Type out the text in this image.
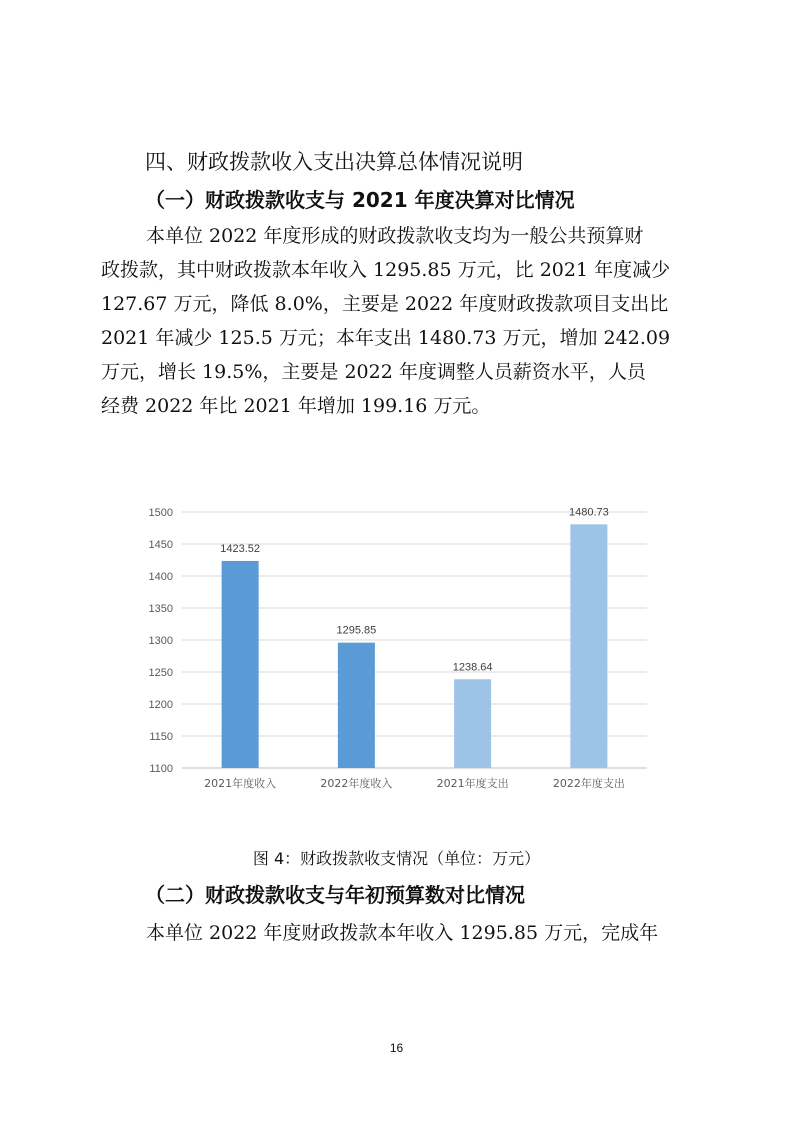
四、财政拨款收入支出决算总体情况说明
（一）财政拨款收支与 2021 年度决算对比情况
本单位 2022 年度形成的财政拨款收支均为一般公共预算财
政拨款，其中财政拨款本年收入 1295.85 万元，比 2021 年度减少
127.67 万元，降低 8.0%，主要是 2022 年度财政拨款项目支出比
2021 年减少 125.5 万元；本年支出 1480.73 万元，增加 242.09
万元，增长 19.5%，主要是 2022 年度调整人员薪资水平，人员
经费 2022 年比 2021 年增加 199.16 万元。
1100
1150
1200
1250
1300
1350
1400
1450
1500
1423.52
2021年度收入
1295.85
2022年度收入
1238.64
2021年度支出
1480.73
2022年度支出
图 4：财政拨款收支情况（单位：万元）
（二）财政拨款收支与年初预算数对比情况
本单位 2022 年度财政拨款本年收入 1295.85 万元，完成年
16
